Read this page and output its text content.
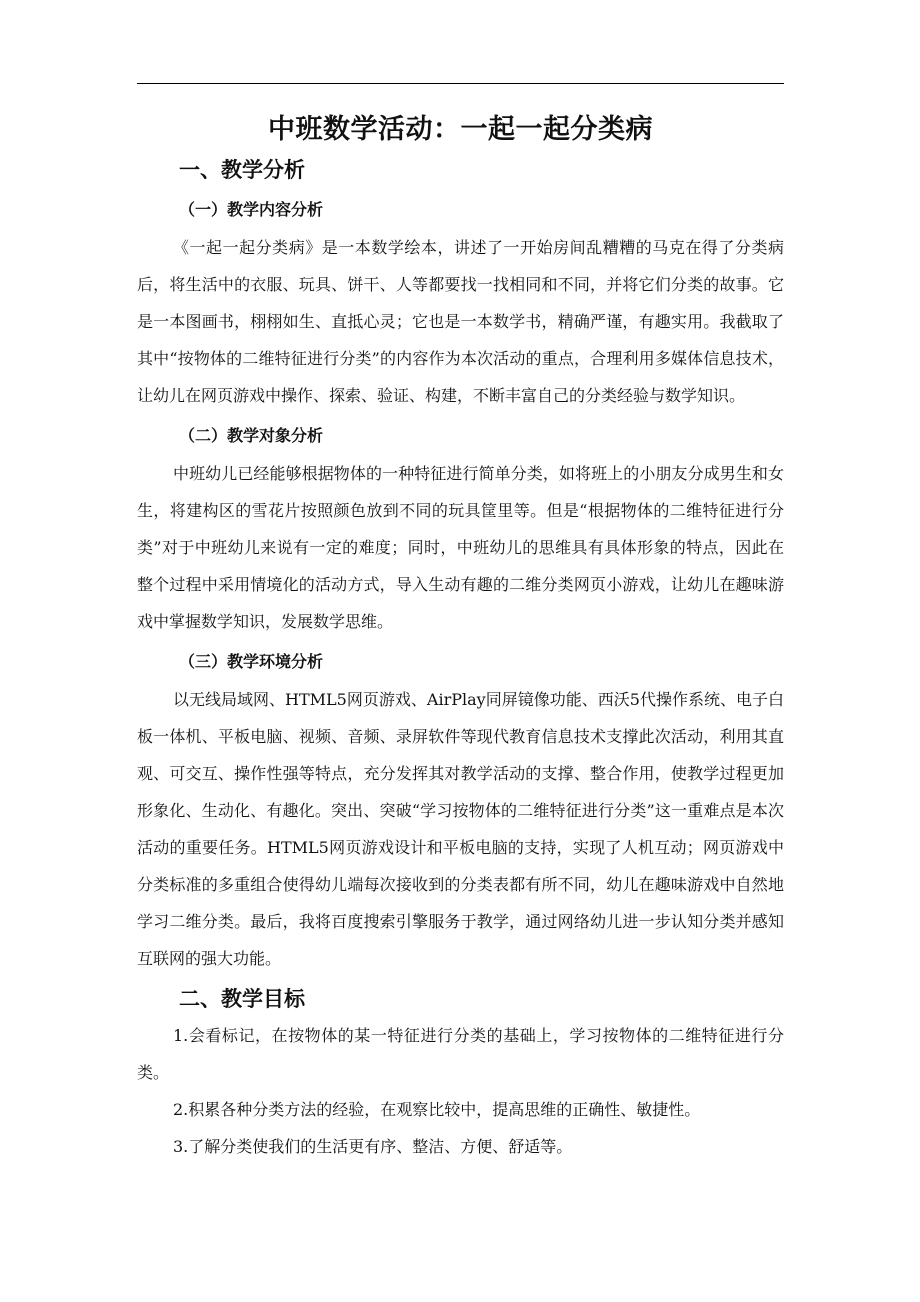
中班数学活动：一起一起分类病
一、教学分析
（一）教学内容分析

《一起一起分类病》是一本数学绘本，讲述了一开始房间乱糟糟的马克在得了分类病后，将生活中的衣服、玩具、饼干、人等都要找一找相同和不同，并将它们分类的故事。它是一本图画书，栩栩如生、直抵心灵；它也是一本数学书，精确严谨，有趣实用。我截取了其中“按物体的二维特征进行分类”的内容作为本次活动的重点，合理利用多媒体信息技术，让幼儿在网页游戏中操作、探索、验证、构建，不断丰富自己的分类经验与数学知识。

（二）教学对象分析

中班幼儿已经能够根据物体的一种特征进行简单分类，如将班上的小朋友分成男生和女生，将建构区的雪花片按照颜色放到不同的玩具筐里等。但是“根据物体的二维特征进行分类”对于中班幼儿来说有一定的难度；同时，中班幼儿的思维具有具体形象的特点，因此在整个过程中采用情境化的活动方式，导入生动有趣的二维分类网页小游戏，让幼儿在趣味游戏中掌握数学知识，发展数学思维。

（三）教学环境分析

以无线局域网、HTML5网页游戏、AirPlay同屏镜像功能、西沃5代操作系统、电子白板一体机、平板电脑、视频、音频、录屏软件等现代教育信息技术支撑此次活动，利用其直观、可交互、操作性强等特点，充分发挥其对教学活动的支撑、整合作用，使教学过程更加形象化、生动化、有趣化。突出、突破“学习按物体的二维特征进行分类”这一重难点是本次活动的重要任务。HTML5网页游戏设计和平板电脑的支持，实现了人机互动；网页游戏中分类标准的多重组合使得幼儿端每次接收到的分类表都有所不同，幼儿在趣味游戏中自然地学习二维分类。最后，我将百度搜索引擎服务于教学，通过网络幼儿进一步认知分类并感知互联网的强大功能。

二、教学目标

1.会看标记，在按物体的某一特征进行分类的基础上，学习按物体的二维特征进行分类。

2.积累各种分类方法的经验，在观察比较中，提高思维的正确性、敏捷性。

3.了解分类使我们的生活更有序、整洁、方便、舒适等。
